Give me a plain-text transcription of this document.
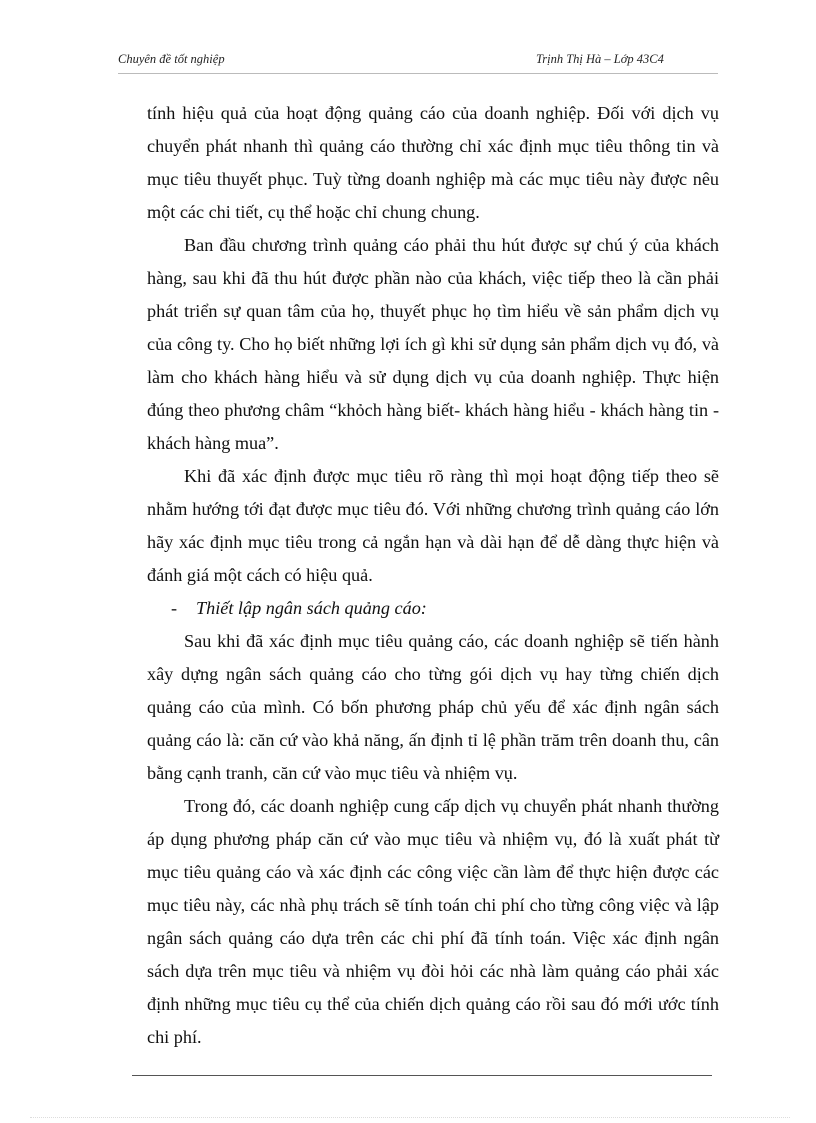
Chuyên đề tốt nghiệp	Trịnh Thị Hà – Lớp 43C4

tính hiệu quả của hoạt động quảng cáo của doanh nghiệp. Đối với dịch vụ chuyển phát nhanh thì quảng cáo thường chỉ xác định mục tiêu thông tin và mục tiêu thuyết phục. Tuỳ từng doanh nghiệp mà các mục tiêu này được nêu một các chi tiết, cụ thể hoặc chỉ chung chung.

Ban đầu chương trình quảng cáo phải thu hút được sự chú ý của khách hàng, sau khi đã thu hút được phần nào của khách, việc tiếp theo là cần phải phát triển sự quan tâm của họ, thuyết phục họ tìm hiểu về sản phẩm dịch vụ của công ty. Cho họ biết những lợi ích gì khi sử dụng sản phẩm dịch vụ đó, và làm cho khách hàng hiểu và sử dụng dịch vụ của doanh nghiệp. Thực hiện đúng theo phương châm “khỏch hàng biết- khách hàng hiểu - khách hàng tin - khách hàng mua”.

Khi đã xác định được mục tiêu rõ ràng thì mọi hoạt động tiếp theo sẽ nhằm hướng tới đạt được mục tiêu đó. Với những chương trình quảng cáo lớn hãy xác định mục tiêu trong cả ngắn hạn và dài hạn để dễ dàng thực hiện và đánh giá một cách có hiệu quả.

-	Thiết lập ngân sách quảng cáo:

Sau khi đã xác định mục tiêu quảng cáo, các doanh nghiệp sẽ tiến hành xây dựng ngân sách quảng cáo cho từng gói dịch vụ hay từng chiến dịch quảng cáo của mình. Có bốn phương pháp chủ yếu để xác định ngân sách quảng cáo là: căn cứ vào khả năng, ấn định tỉ lệ phần trăm trên doanh thu, cân bằng cạnh tranh, căn cứ vào mục tiêu và nhiệm vụ.

Trong đó, các doanh nghiệp cung cấp dịch vụ chuyển phát nhanh thường áp dụng phương pháp căn cứ vào mục tiêu và nhiệm vụ, đó là xuất phát từ mục tiêu quảng cáo và xác định các công việc cần làm để thực hiện được các mục tiêu này, các nhà phụ trách sẽ tính toán chi phí cho từng công việc và lập ngân sách quảng cáo dựa trên các chi phí đã tính toán. Việc xác định ngân sách dựa trên mục tiêu và nhiệm vụ đòi hỏi các nhà làm quảng cáo phải xác định những mục tiêu cụ thể của chiến dịch quảng cáo rồi sau đó mới ước tính chi phí.
